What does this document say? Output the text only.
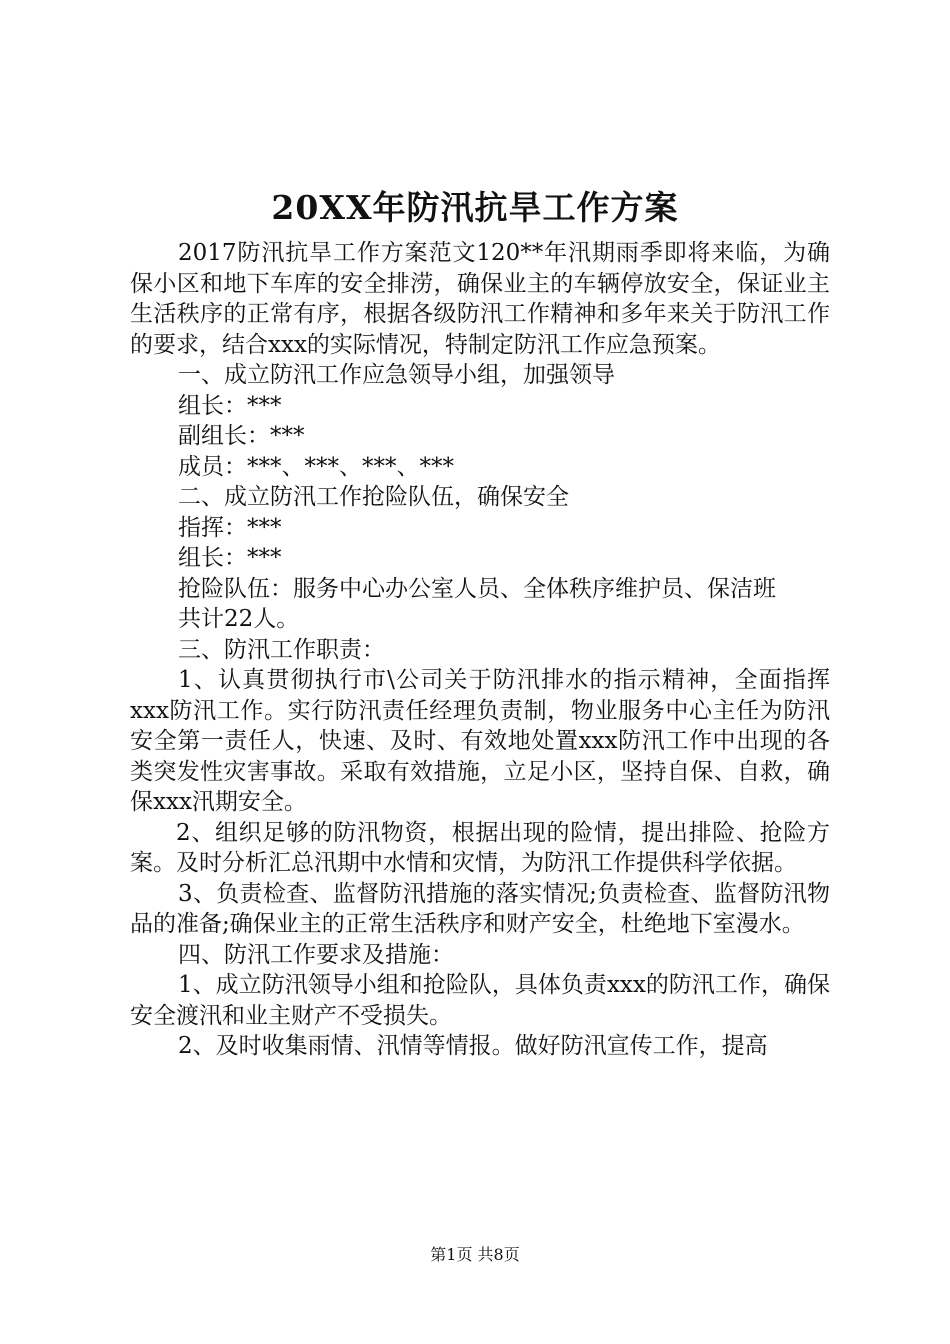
20XX年防汛抗旱工作方案

2017防汛抗旱工作方案范文120**年汛期雨季即将来临，为确保小区和地下车库的安全排涝，确保业主的车辆停放安全，保证业主生活秩序的正常有序，根据各级防汛工作精神和多年来关于防汛工作的要求，结合xxx的实际情况，特制定防汛工作应急预案。

一、成立防汛工作应急领导小组，加强领导

组长：***

副组长：***

成员：***、***、***、***

二、成立防汛工作抢险队伍，确保安全

指挥：***

组长：***

抢险队伍：服务中心办公室人员、全体秩序维护员、保洁班

共计22人。

三、防汛工作职责：

1、认真贯彻执行市\公司关于防汛排水的指示精神，全面指挥xxx防汛工作。实行防汛责任经理负责制，物业服务中心主任为防汛安全第一责任人，快速、及时、有效地处置xxx防汛工作中出现的各类突发性灾害事故。采取有效措施，立足小区，坚持自保、自救，确保xxx汛期安全。

2、组织足够的防汛物资，根据出现的险情，提出排险、抢险方案。及时分析汇总汛期中水情和灾情，为防汛工作提供科学依据。

3、负责检查、监督防汛措施的落实情况;负责检查、监督防汛物品的准备;确保业主的正常生活秩序和财产安全，杜绝地下室漫水。

四、防汛工作要求及措施：

1、成立防汛领导小组和抢险队，具体负责xxx的防汛工作，确保安全渡汛和业主财产不受损失。

2、及时收集雨情、汛情等情报。做好防汛宣传工作，提高

第1页 共8页
